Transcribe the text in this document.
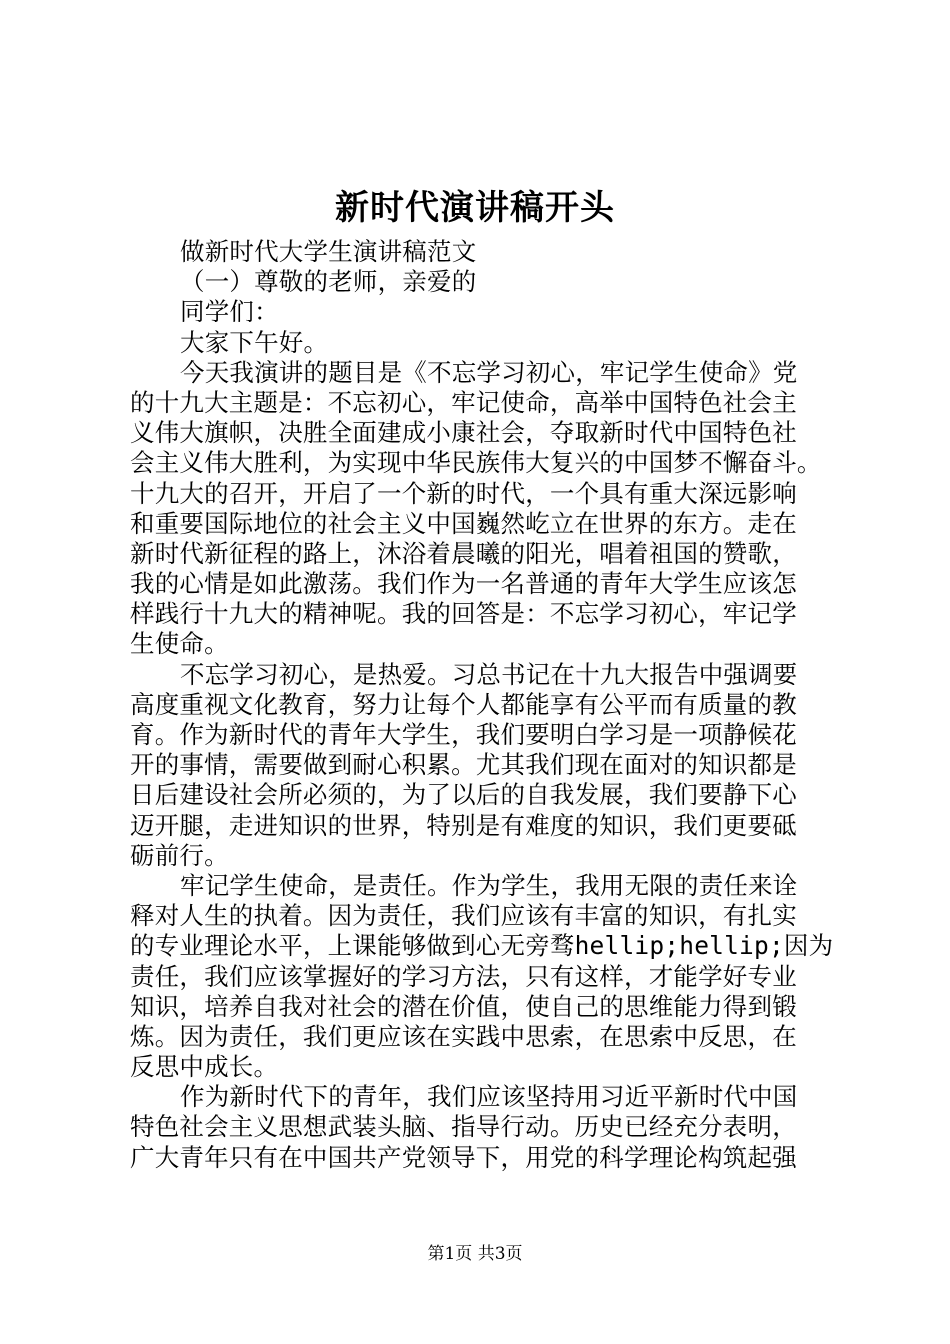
新时代演讲稿开头
做新时代大学生演讲稿范文
（一）尊敬的老师，亲爱的
同学们：
大家下午好。
今天我演讲的题目是《不忘学习初心，牢记学生使命》党
的十九大主题是：不忘初心，牢记使命，高举中国特色社会主
义伟大旗帜，决胜全面建成小康社会，夺取新时代中国特色社
会主义伟大胜利，为实现中华民族伟大复兴的中国梦不懈奋斗。
十九大的召开，开启了一个新的时代，一个具有重大深远影响
和重要国际地位的社会主义中国巍然屹立在世界的东方。走在
新时代新征程的路上，沐浴着晨曦的阳光，唱着祖国的赞歌，
我的心情是如此激荡。我们作为一名普通的青年大学生应该怎
样践行十九大的精神呢。我的回答是：不忘学习初心，牢记学
生使命。
不忘学习初心，是热爱。习总书记在十九大报告中强调要
高度重视文化教育，努力让每个人都能享有公平而有质量的教
育。作为新时代的青年大学生，我们要明白学习是一项静候花
开的事情，需要做到耐心积累。尤其我们现在面对的知识都是
日后建设社会所必须的，为了以后的自我发展，我们要静下心
迈开腿，走进知识的世界，特别是有难度的知识，我们更要砥
砺前行。
牢记学生使命，是责任。作为学生，我用无限的责任来诠
释对人生的执着。因为责任，我们应该有丰富的知识，有扎实
的专业理论水平，上课能够做到心无旁骛hellip;hellip;因为
责任，我们应该掌握好的学习方法，只有这样，才能学好专业
知识，培养自我对社会的潜在价值，使自己的思维能力得到锻
炼。因为责任，我们更应该在实践中思索，在思索中反思，在
反思中成长。
作为新时代下的青年，我们应该坚持用习近平新时代中国
特色社会主义思想武装头脑、指导行动。历史已经充分表明，
广大青年只有在中国共产党领导下，用党的科学理论构筑起强
第1页 共3页
